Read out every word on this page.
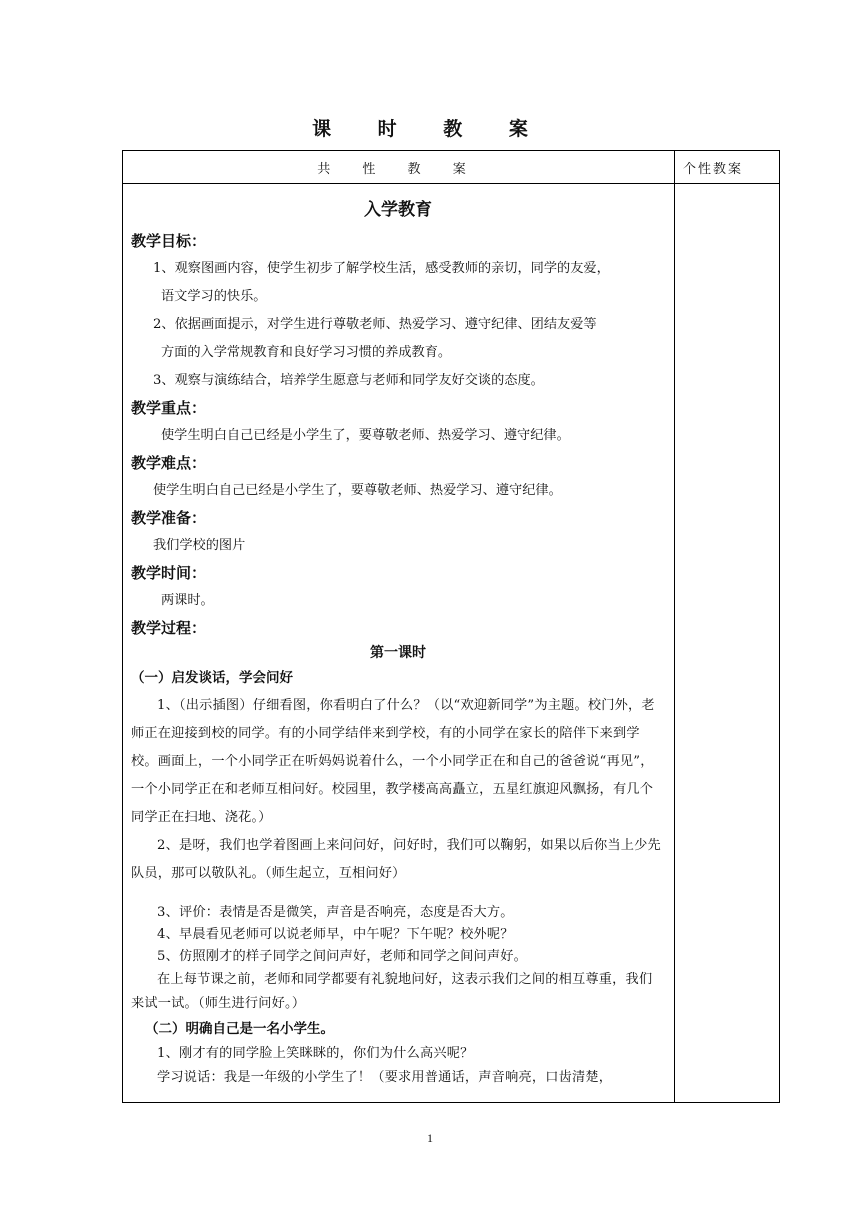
课 时 教 案
共 性 教 案	个性教案
入学教育
教学目标：
1、观察图画内容，使学生初步了解学校生活，感受教师的亲切，同学的友爱，
语文学习的快乐。
2、依据画面提示，对学生进行尊敬老师、热爱学习、遵守纪律、团结友爱等
方面的入学常规教育和良好学习习惯的养成教育。
3、观察与演练结合，培养学生愿意与老师和同学友好交谈的态度。
教学重点：
使学生明白自己已经是小学生了，要尊敬老师、热爱学习、遵守纪律。
教学难点：
使学生明白自己已经是小学生了，要尊敬老师、热爱学习、遵守纪律。
教学准备：
我们学校的图片
教学时间：
两课时。
教学过程：
第一课时
（一）启发谈话，学会问好
1、（出示插图）仔细看图，你看明白了什么？（以“欢迎新同学”为主题。校门外，老师正在迎接到校的同学。有的小同学结伴来到学校，有的小同学在家长的陪伴下来到学校。画面上，一个小同学正在听妈妈说着什么，一个小同学正在和自己的爸爸说“再见”，一个小同学正在和老师互相问好。校园里，教学楼高高矗立，五星红旗迎风飘扬，有几个同学正在扫地、浇花。）
2、是呀，我们也学着图画上来问问好，问好时，我们可以鞠躬，如果以后你当上少先队员，那可以敬队礼。（师生起立，互相问好）
3、评价：表情是否是微笑，声音是否响亮，态度是否大方。
4、早晨看见老师可以说老师早，中午呢？下午呢？校外呢？
5、仿照刚才的样子同学之间问声好，老师和同学之间问声好。
在上每节课之前，老师和同学都要有礼貌地问好，这表示我们之间的相互尊重，我们来试一试。（师生进行问好。）
（二）明确自己是一名小学生。
1、刚才有的同学脸上笑眯眯的，你们为什么高兴呢？
学习说话：我是一年级的小学生了！（要求用普通话，声音响亮，口齿清楚，
1
